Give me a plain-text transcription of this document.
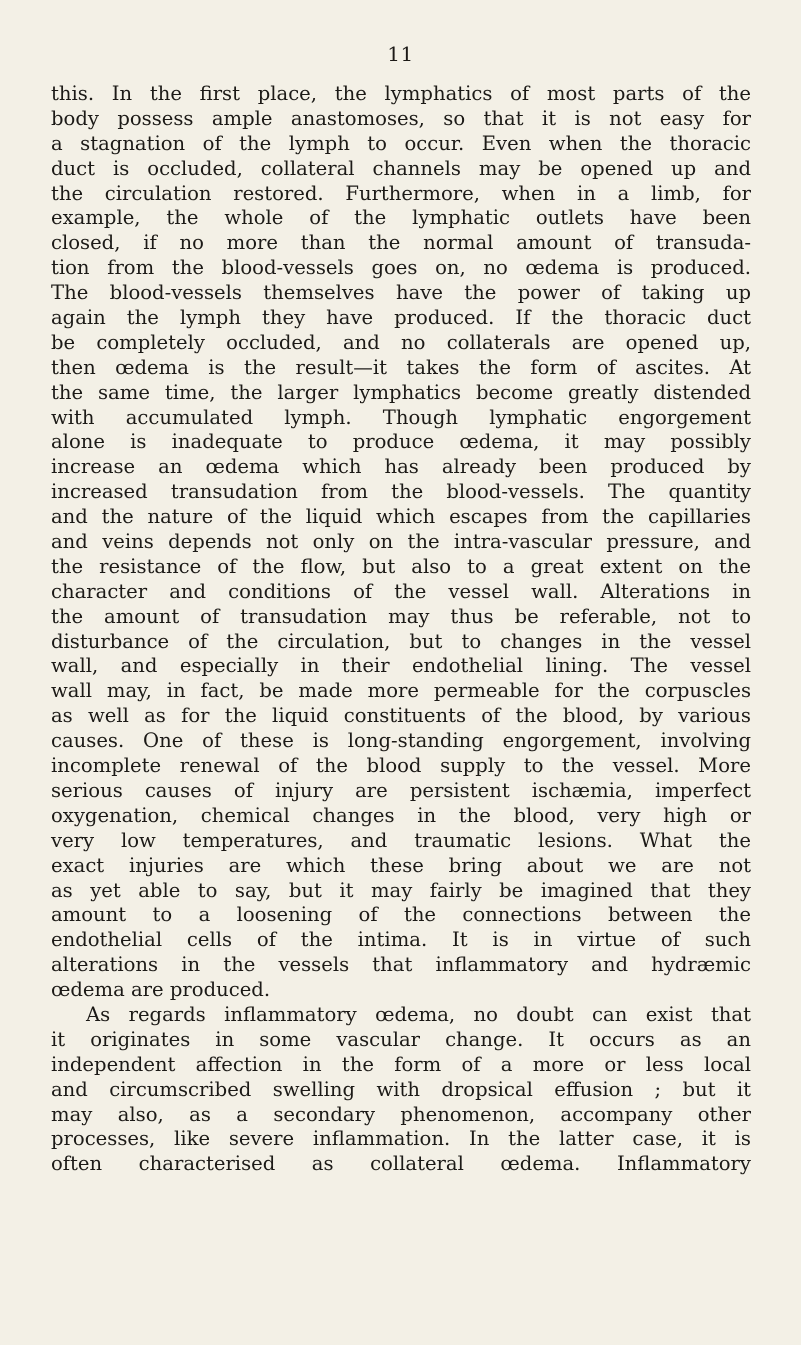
11
this. In the first place, the lymphatics of most parts of the
body possess ample anastomoses, so that it is not easy for
a stagnation of the lymph to occur. Even when the thoracic
duct is occluded, collateral channels may be opened up and
the circulation restored. Furthermore, when in a limb, for
example, the whole of the lymphatic outlets have been
closed, if no more than the normal amount of transuda-
tion from the blood-vessels goes on, no œdema is produced.
The blood-vessels themselves have the power of taking up
again the lymph they have produced. If the thoracic duct
be completely occluded, and no collaterals are opened up,
then œdema is the result—it takes the form of ascites. At
the same time, the larger lymphatics become greatly distended
with accumulated lymph. Though lymphatic engorgement
alone is inadequate to produce œdema, it may possibly
increase an œdema which has already been produced by
increased transudation from the blood-vessels. The quantity
and the nature of the liquid which escapes from the capillaries
and veins depends not only on the intra-vascular pressure, and
the resistance of the flow, but also to a great extent on the
character and conditions of the vessel wall. Alterations in
the amount of transudation may thus be referable, not to
disturbance of the circulation, but to changes in the vessel
wall, and especially in their endothelial lining. The vessel
wall may, in fact, be made more permeable for the corpuscles
as well as for the liquid constituents of the blood, by various
causes. One of these is long-standing engorgement, involving
incomplete renewal of the blood supply to the vessel. More
serious causes of injury are persistent ischæmia, imperfect
oxygenation, chemical changes in the blood, very high or
very low temperatures, and traumatic lesions. What the
exact injuries are which these bring about we are not
as yet able to say, but it may fairly be imagined that they
amount to a loosening of the connections between the
endothelial cells of the intima. It is in virtue of such
alterations in the vessels that inflammatory and hydræmic
œdema are produced.
As regards inflammatory œdema, no doubt can exist that
it originates in some vascular change. It occurs as an
independent affection in the form of a more or less local
and circumscribed swelling with dropsical effusion ; but it
may also, as a secondary phenomenon, accompany other
processes, like severe inflammation. In the latter case, it is
often characterised as collateral œdema. Inflammatory
